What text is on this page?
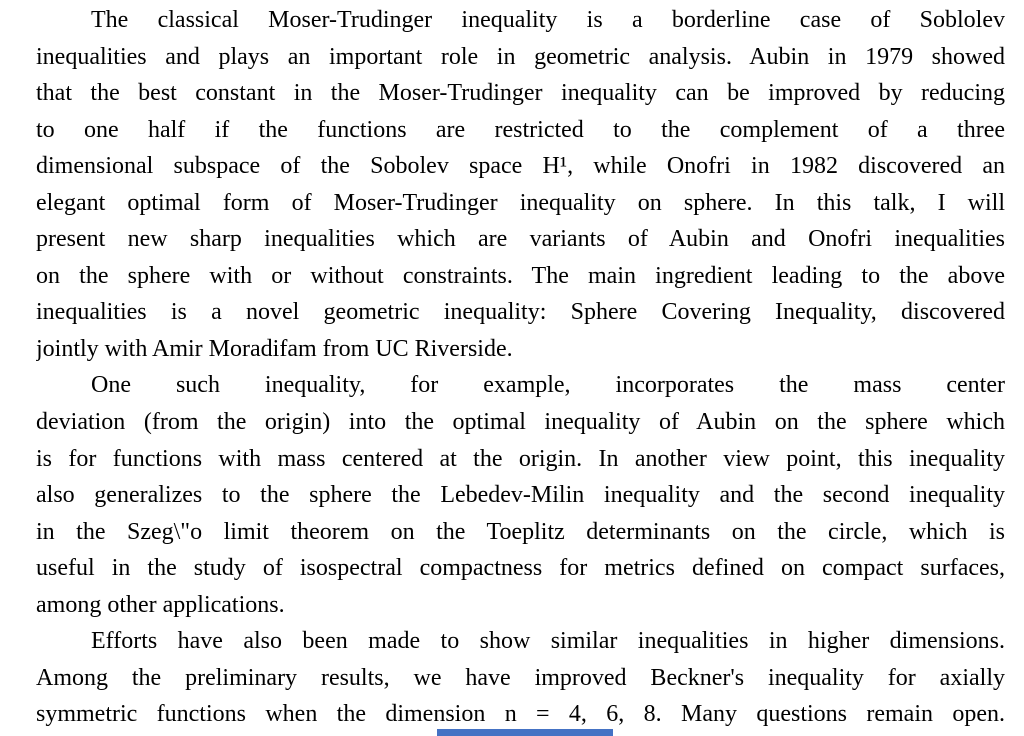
The classical Moser-Trudinger inequality is a borderline case of Soblolev
inequalities and plays an important role in geometric analysis. Aubin in 1979 showed
that the best constant in the Moser-Trudinger inequality can be improved by reducing
to one half if the functions are restricted to the complement of a three
dimensional subspace of the Sobolev space H¹, while Onofri in 1982 discovered an
elegant optimal form of Moser-Trudinger inequality on sphere. In this talk, I will
present new sharp inequalities which are variants of Aubin and Onofri inequalities
on the sphere with or without constraints. The main ingredient leading to the above
inequalities is a novel geometric inequality: Sphere Covering Inequality, discovered
jointly with Amir Moradifam from UC Riverside.
One such inequality, for example, incorporates the mass center
deviation (from the origin) into the optimal inequality of Aubin on the sphere which
is for functions with mass centered at the origin. In another view point, this inequality
also generalizes to the sphere the Lebedev-Milin inequality and the second inequality
in the Szeg\"o limit theorem on the Toeplitz determinants on the circle, which is
useful in the study of isospectral compactness for metrics defined on compact surfaces,
among other applications.
Efforts have also been made to show similar inequalities in higher dimensions.
Among the preliminary results, we have improved Beckner's inequality for axially
symmetric functions when the dimension n = 4, 6, 8. Many questions remain open.
